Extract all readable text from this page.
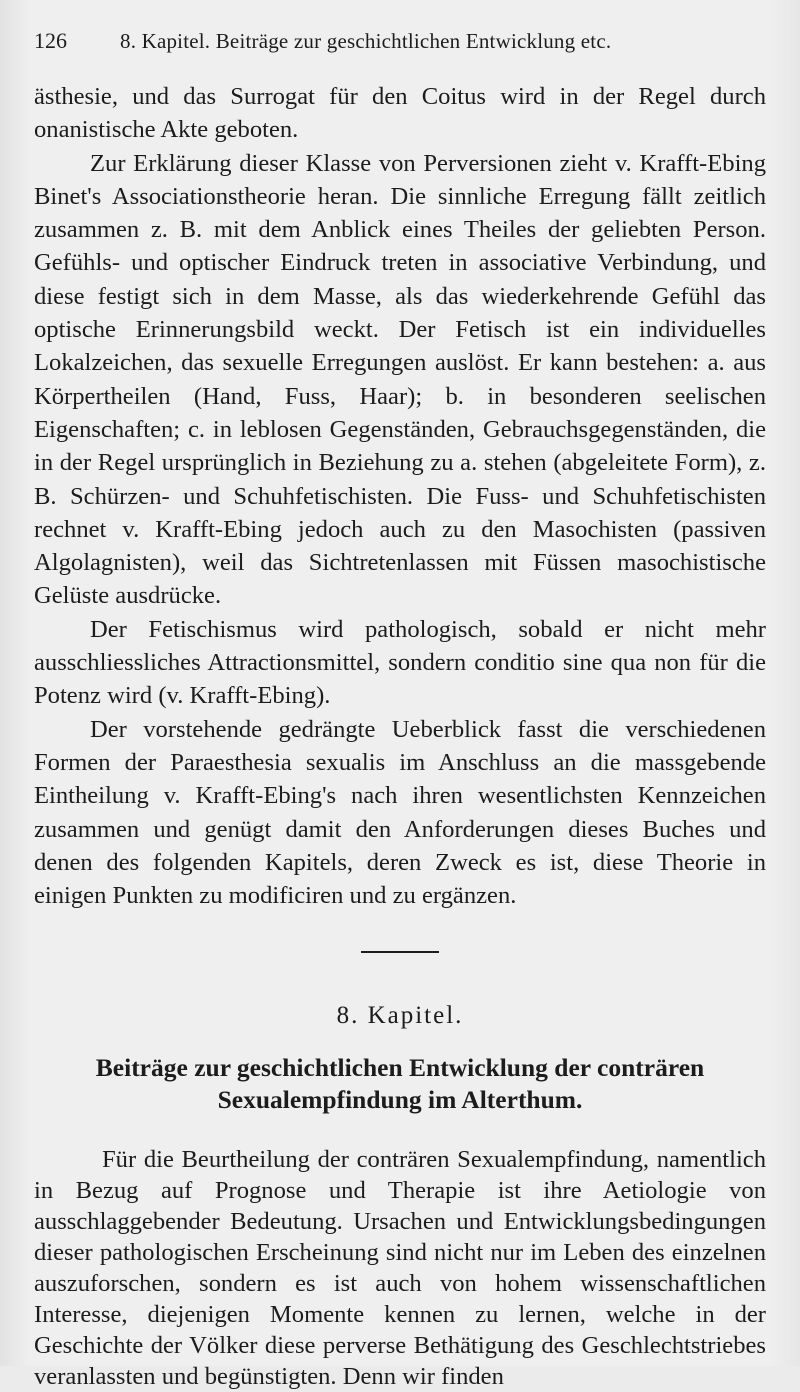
126	8. Kapitel. Beiträge zur geschichtlichen Entwicklung etc.

ästhesie, und das Surrogat für den Coitus wird in der Regel durch onanistische Akte geboten.

Zur Erklärung dieser Klasse von Perversionen zieht v. Krafft-Ebing Binet's Associationstheorie heran. Die sinnliche Erregung fällt zeitlich zusammen z. B. mit dem Anblick eines Theiles der geliebten Person. Gefühls- und optischer Eindruck treten in associative Verbindung, und diese festigt sich in dem Masse, als das wiederkehrende Gefühl das optische Erinnerungsbild weckt. Der Fetisch ist ein individuelles Lokalzeichen, das sexuelle Erregungen auslöst. Er kann bestehen: a. aus Körpertheilen (Hand, Fuss, Haar); b. in besonderen seelischen Eigenschaften; c. in leblosen Gegenständen, Gebrauchsgegenständen, die in der Regel ursprünglich in Beziehung zu a. stehen (abgeleitete Form), z. B. Schürzen- und Schuhfetischisten. Die Fuss- und Schuhfetischisten rechnet v. Krafft-Ebing jedoch auch zu den Masochisten (passiven Algolagnisten), weil das Sichtretenlassen mit Füssen masochistische Gelüste ausdrücke.

Der Fetischismus wird pathologisch, sobald er nicht mehr ausschliessliches Attractionsmittel, sondern conditio sine qua non für die Potenz wird (v. Krafft-Ebing).

Der vorstehende gedrängte Ueberblick fasst die verschiedenen Formen der Paraesthesia sexualis im Anschluss an die massgebende Eintheilung v. Krafft-Ebing's nach ihren wesentlichsten Kennzeichen zusammen und genügt damit den Anforderungen dieses Buches und denen des folgenden Kapitels, deren Zweck es ist, diese Theorie in einigen Punkten zu modificiren und zu ergänzen.

8. Kapitel.
Beiträge zur geschichtlichen Entwicklung der conträren Sexualempfindung im Alterthum.

Für die Beurtheilung der conträren Sexualempfindung, namentlich in Bezug auf Prognose und Therapie ist ihre Aetiologie von ausschlaggebender Bedeutung. Ursachen und Entwicklungsbedingungen dieser pathologischen Erscheinung sind nicht nur im Leben des einzelnen auszuforschen, sondern es ist auch von hohem wissenschaftlichen Interesse, diejenigen Momente kennen zu lernen, welche in der Geschichte der Völker diese perverse Bethätigung des Geschlechtstriebes veranlassten und begünstigten. Denn wir finden
